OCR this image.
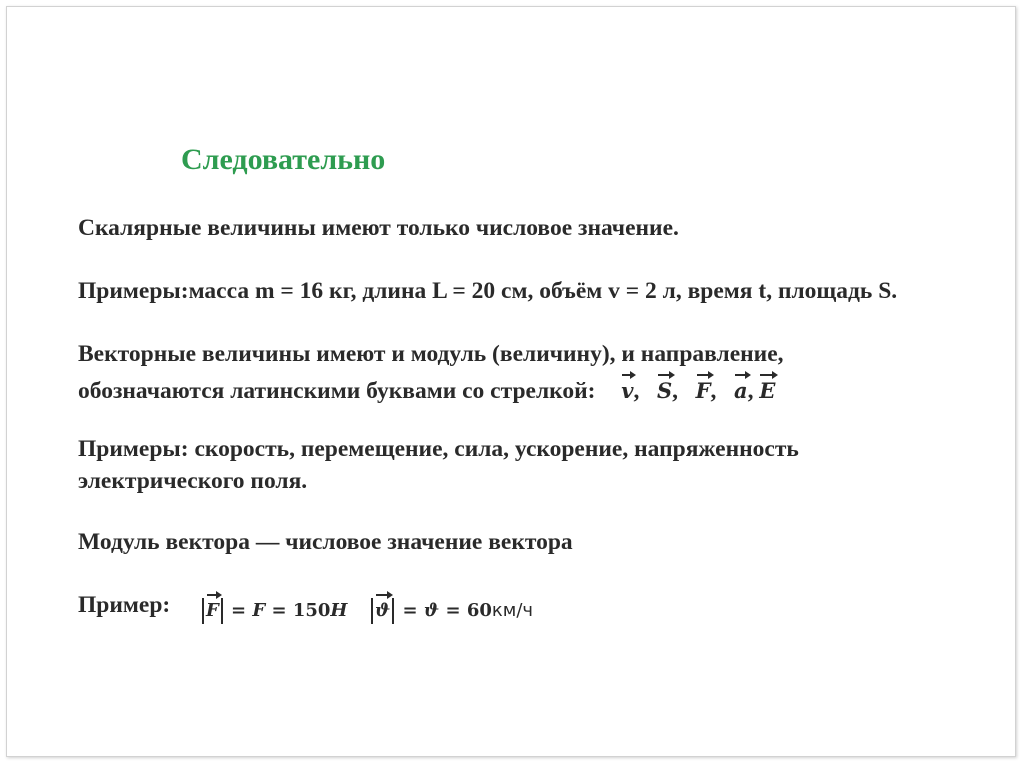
Следовательно
Скалярные величины имеют только числовое значение.
Примеры:масса m = 16 кг, длина L = 20 см, объём v = 2 л, время t, площадь S.
Векторные величины имеют и модуль (величину), и направление,
обозначаются латинскими буквами со стрелкой: v,   S,   F,   a, E
Примеры: скорость, перемещение, сила, ускорение, напряженность
электрического поля.
Модуль вектора — числовое значение вектора
Пример:	F = F = 150H	ϑ = ϑ = 60км/ч
